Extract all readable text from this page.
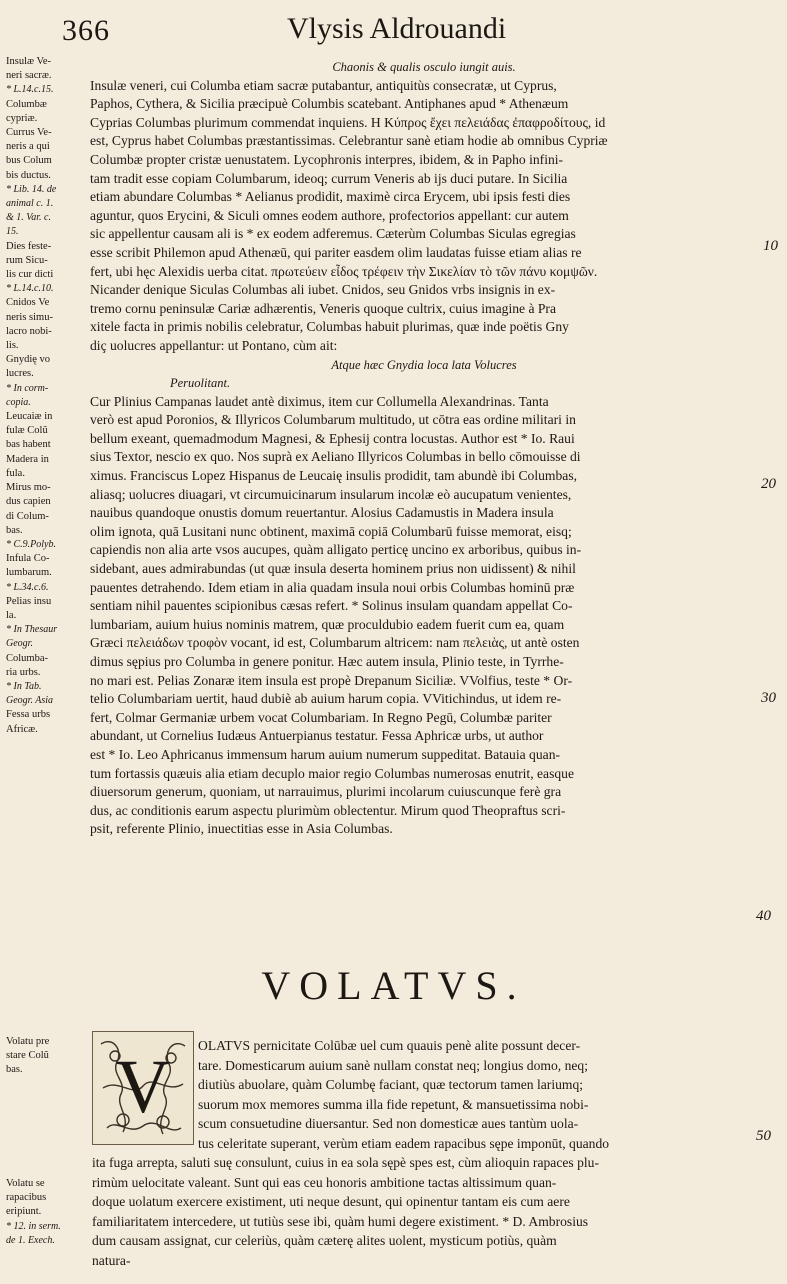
366	Vlysis Aldrouandi
Insulæ Ve-
neri sacræ.
* L.14.c.15.
Columbæ
cypriæ.
Currus Ve-
neris a qui
bus Colum
bis ductus.
* Lib. 14. de
animal c. 1.
& 1. Var. c.
15.
Dies feste-
rum Sicu-
lis cur dicti
* L.14.c.10.
Cnidos Ve
neris simu-
lacro nobi-
lis.
Gnydię vo
lucres.
* In corm-
copia.
Leucaiæ in
fulæ Colũ
bas habent
Madera in
fula.
Mirus mo-
dus capien
di Colum-
bas.
* C.9.Polyb.
Infula Co-
lumbarum.
* L.34.c.6.
Pelias insu
la.
* In Thesaur
Geogr.
Columba-
ria urbs.
* In Tab.
Geogr. Asia
Fessa urbs
Africæ.
Chaonis & qualis osculo iungit auis.
Insulæ veneri, cui Columba etiam sacræ putabantur, antiquitùs consecratæ, ut Cyprus,
Paphos, Cythera, & Sicilia præcipuè Columbis scatebant. Antiphanes apud * Athenæum
Cyprias Columbas plurimum commendat inquiens. Η Κύπρος ἔχει πελειάδας ἐπαφροδίτους, id
est, Cyprus habet Columbas præstantissimas. Celebrantur sanè etiam hodie ab omnibus Cypriæ
Columbæ propter cristæ uenustatem. Lycophronis interpres, ibidem, & in Papho infini-
tam tradit esse copiam Columbarum, ideoq; currum Veneris ab ijs duci putare. In Sicilia
etiam abundare Columbas * Aelianus prodidit, maximè circa Erycem, ubi ipsis festi dies
aguntur, quos Erycini, & Siculi omnes eodem authore, profectorios appellant: cur autem
sic appellentur causam ali is * ex eodem adferemus. Cæterùm Columbas Siculas egregias
esse scribit Philemon apud Athenæū, qui pariter easdem olim laudatas fuisse etiam alias re
fert, ubi hęc Alexidis uerba citat. πρωτεύειν εἶδος τρέφειν τὴν Σικελίαν τὸ τῶν πάνυ κομψῶν.
Nicander denique Siculas Columbas ali iubet. Cnidos, seu Gnidos vrbs insignis in ex-
tremo cornu peninsulæ Cariæ adhærentis, Veneris quoque cultrix, cuius imagine à Pra
xitele facta in primis nobilis celebratur, Columbas habuit plurimas, quæ inde poëtis Gny
diç uolucres appellantur: ut Pontano, cùm ait:
Atque hæc Gnydia loca lata Volucres
Peruolitant.
Cur Plinius Campanas laudet antè diximus, item cur Collumella Alexandrinas. Tanta
verò est apud Poronios, & Illyricos Columbarum multitudo, ut cōtra eas ordine militari in
bellum exeant, quemadmodum Magnesi, & Ephesij contra locustas. Author est * Io. Raui
sius Textor, nescio ex quo. Nos suprà ex Aeliano Illyricos Columbas in bello cōmouisse di
ximus. Franciscus Lopez Hispanus de Leucaię insulis prodidit, tam abundè ibi Columbas,
aliasq; uolucres diuagari, vt circumuicinarum insularum incolæ eò aucupatum venientes,
nauibus quandoque onustis domum reuertantur. Alosius Cadamustis in Madera insula
olim ignota, quā Lusitani nunc obtinent, maximā copiā Columbarū fuisse memorat, eisq;
capiendis non alia arte vsos aucupes, quàm alligato perticę uncino ex arboribus, quibus in-
sidebant, aues admirabundas (ut quæ insula deserta hominem prius non uidissent) & nihil
pauentes detrahendo. Idem etiam in alia quadam insula noui orbis Columbas hominū præ
sentiam nihil pauentes scipionibus cæsas refert. * Solinus insulam quandam appellat Co-
lumbariam, auium huius nominis matrem, quæ proculdubio eadem fuerit cum ea, quam
Græci πελειάδων τροφὸν vocant, id est, Columbarum altricem: nam πελειὰς, ut antè osten
dimus sępius pro Columba in genere ponitur. Hæc autem insula, Plinio teste, in Tyrrhe-
no mari est. Pelias Zonaræ item insula est propè Drepanum Siciliæ. VVolfius, teste * Or-
telio Columbariam uertit, haud dubiè ab auium harum copia. VVitichindus, ut idem re-
fert, Colmar Germaniæ urbem vocat Columbariam. In Regno Pegū, Columbæ pariter
abundant, ut Cornelius Iudæus Antuerpianus testatur. Fessa Aphricæ urbs, ut author
est * Io. Leo Aphricanus immensum harum auium numerum suppeditat. Batauia quan-
tum fortassis quæuis alia etiam decuplo maior regio Columbas numerosas enutrit, easque
diuersorum generum, quoniam, ut narrauimus, plurimi incolarum cuiuscunque ferè gra
dus, ac conditionis earum aspectu plurimùm oblectentur. Mirum quod Theopraftus scri-
psit, referente Plinio, inuectitias esse in Asia Columbas.
10
20
30
40
50
VOLATVS.
Volatu pre
stare Colũ
bas.
Volatu se
rapacibus
eripiunt.
* 12. in serm.
de 1. Exech.
V	OLATVS pernicitate Colūbæ uel cum quauis penè alite possunt decer-
tare. Domesticarum auium sanè nullam constat neq; longius domo, neq;
diutiùs abuolare, quàm Columbę faciant, quæ tectorum tamen lariumq;
suorum mox memores summa illa fide repetunt, & mansuetissima nobi-
scum consuetudine diuersantur. Sed non domesticæ aues tantùm uola-
tus celeritate superant, verùm etiam eadem rapacibus sępe imponūt, quando
ita fuga arrepta, saluti suę consulunt, cuius in ea sola sępè spes est, cùm alioquin rapaces plu-
rimùm uelocitate valeant. Sunt qui eas ceu honoris ambitione tactas altissimum quan-
doque uolatum exercere existiment, uti neque desunt, qui opinentur tantam eis cum aere
familiaritatem intercedere, ut tutiùs sese ibi, quàm humi degere existiment. * D. Ambrosius
dum causam assignat, cur celeriùs, quàm cæterę alites uolent, mysticum potiùs, quàm
natura-
